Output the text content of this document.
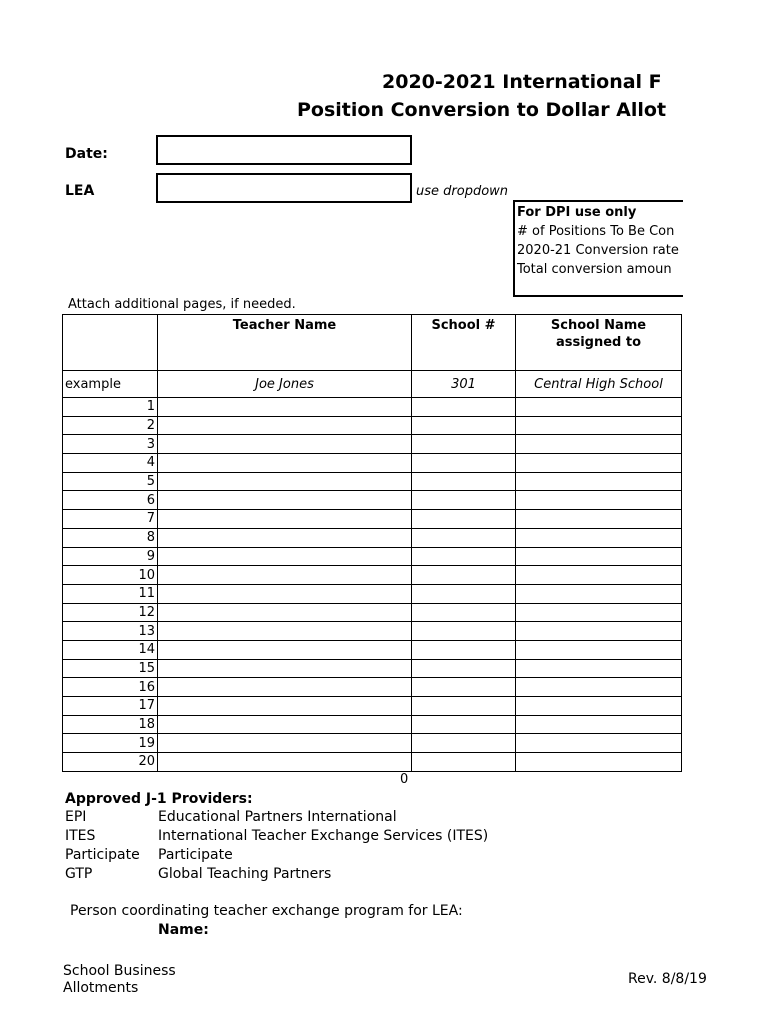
2020-2021 International F
Position Conversion to Dollar Allot
Date:
LEA	use dropdown
For DPI use only
# of Positions To Be Con
2020-21 Conversion rate
Total conversion amoun
Attach additional pages, if needed.
	Teacher Name	School #	School Name assigned to
example	Joe Jones	301	Central High School
1			
2			
3			
4			
5			
6			
7			
8			
9			
10			
11			
12			
13			
14			
15			
16			
17			
18			
19			
20			
0
Approved J-1 Providers:
EPI	Educational Partners International
ITES	International Teacher Exchange Services (ITES)
Participate Participate
GTP	Global Teaching Partners
Person coordinating teacher exchange program for LEA:
Name:
School Business
Allotments
Rev. 8/8/19
